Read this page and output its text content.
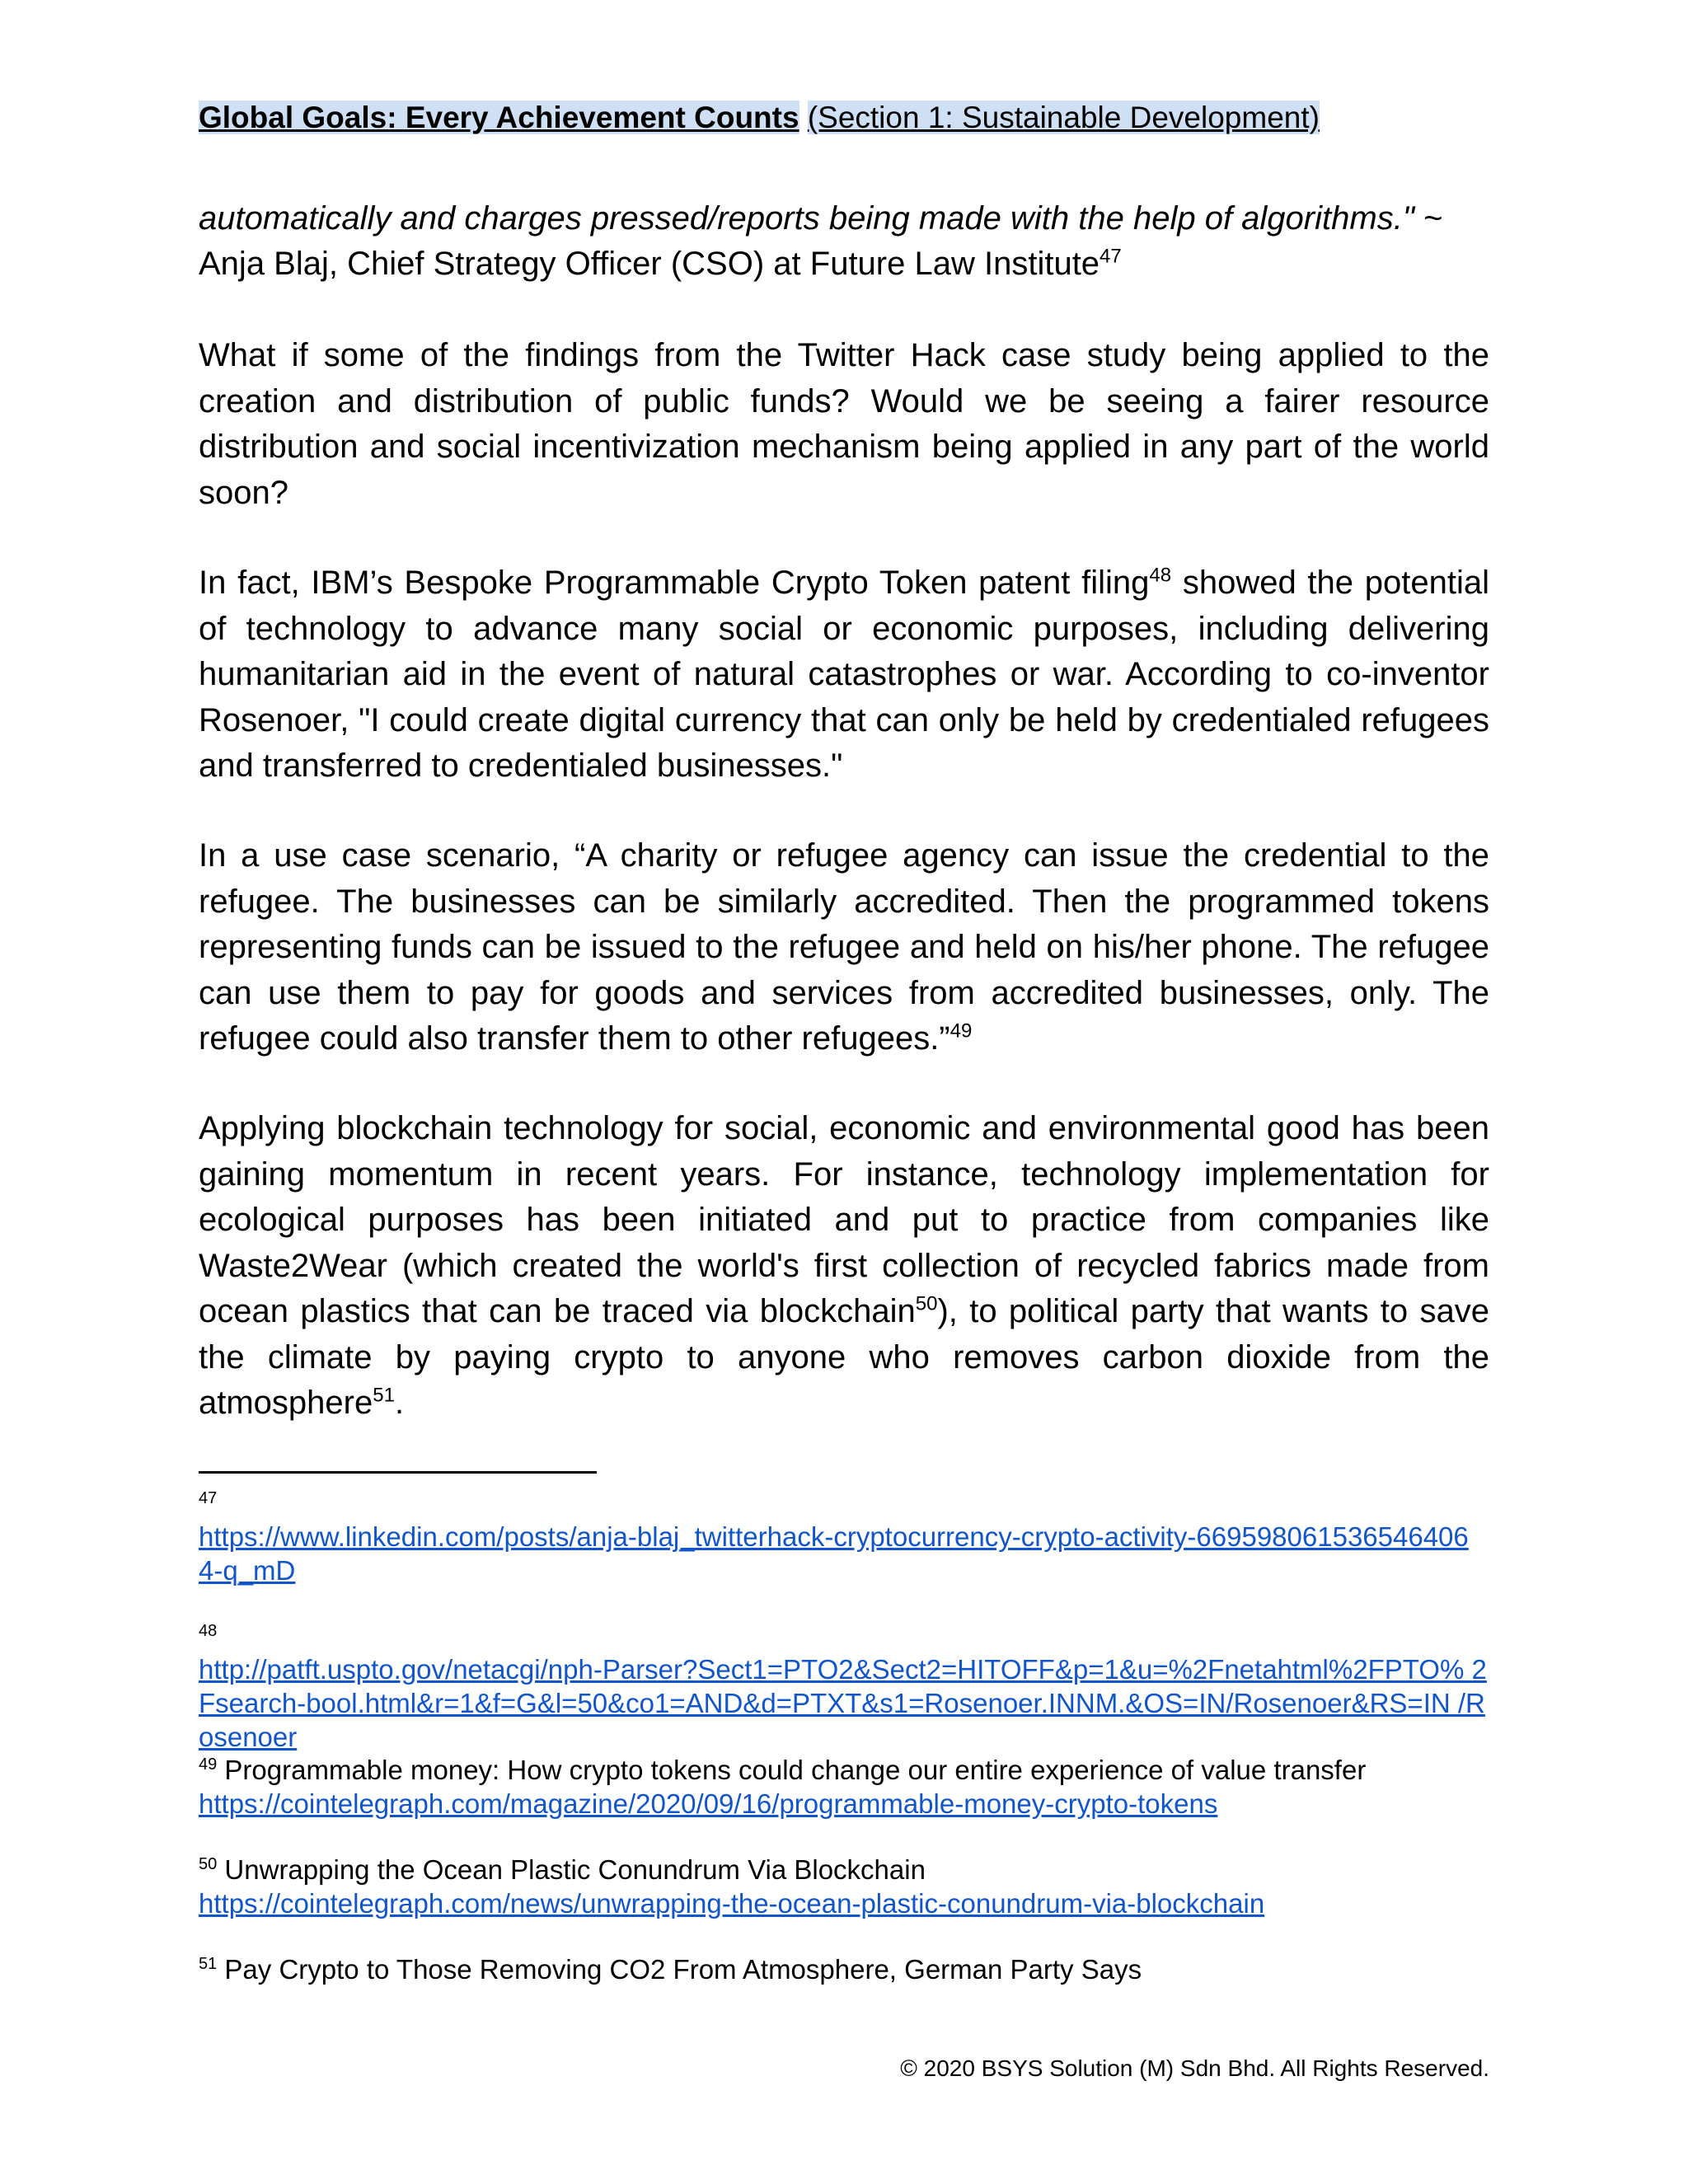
Global Goals: Every Achievement Counts (Section 1: Sustainable Development)

automatically and charges pressed/reports being made with the help of algorithms." ~

Anja Blaj, Chief Strategy Officer (CSO) at Future Law Institute$^{47}$

What if some of the findings from the Twitter Hack case study being applied to the creation and distribution of public funds? Would we be seeing a fairer resource distribution and social incentivization mechanism being applied in any part of the world soon?

In fact, IBM’s Bespoke Programmable Crypto Token patent filing$^{48}$ showed the potential of technology to advance many social or economic purposes, including delivering humanitarian aid in the event of natural catastrophes or war. According to co-inventor Rosenoer, "I could create digital currency that can only be held by credentialed refugees and transferred to credentialed businesses."

In a use case scenario, “A charity or refugee agency can issue the credential to the refugee. The businesses can be similarly accredited. Then the programmed tokens representing funds can be issued to the refugee and held on his/her phone. The refugee can use them to pay for goods and services from accredited businesses, only. The refugee could also transfer them to other refugees.”$^{49}$

Applying blockchain technology for social, economic and environmental good has been gaining momentum in recent years. For instance, technology implementation for ecological purposes has been initiated and put to practice from companies like Waste2Wear (which created the world's first collection of recycled fabrics made from ocean plastics that can be traced via blockchain$^{50}$), to political party that wants to save the climate by paying crypto to anyone who removes carbon dioxide from the atmosphere$^{51}$.

47
https://www.linkedin.com/posts/anja-blaj_twitterhack-cryptocurrency-crypto-activity-669598061536546406 4-q_mD
48
http://patft.uspto.gov/netacgi/nph-Parser?Sect1=PTO2&Sect2=HITOFF&p=1&u=%2Fnetahtml%2FPTO% 2Fsearch-bool.html&r=1&f=G&l=50&co1=AND&d=PTXT&s1=Rosenoer.INNM.&OS=IN/Rosenoer&RS=IN /Rosenoer
$^{49}$ Programmable money: How crypto tokens could change our entire experience of value transfer
https://cointelegraph.com/magazine/2020/09/16/programmable-money-crypto-tokens
$^{50}$ Unwrapping the Ocean Plastic Conundrum Via Blockchain
https://cointelegraph.com/news/unwrapping-the-ocean-plastic-conundrum-via-blockchain
$^{51}$ Pay Crypto to Those Removing CO2 From Atmosphere, German Party Says
© 2020 BSYS Solution (M) Sdn Bhd. All Rights Reserved.
